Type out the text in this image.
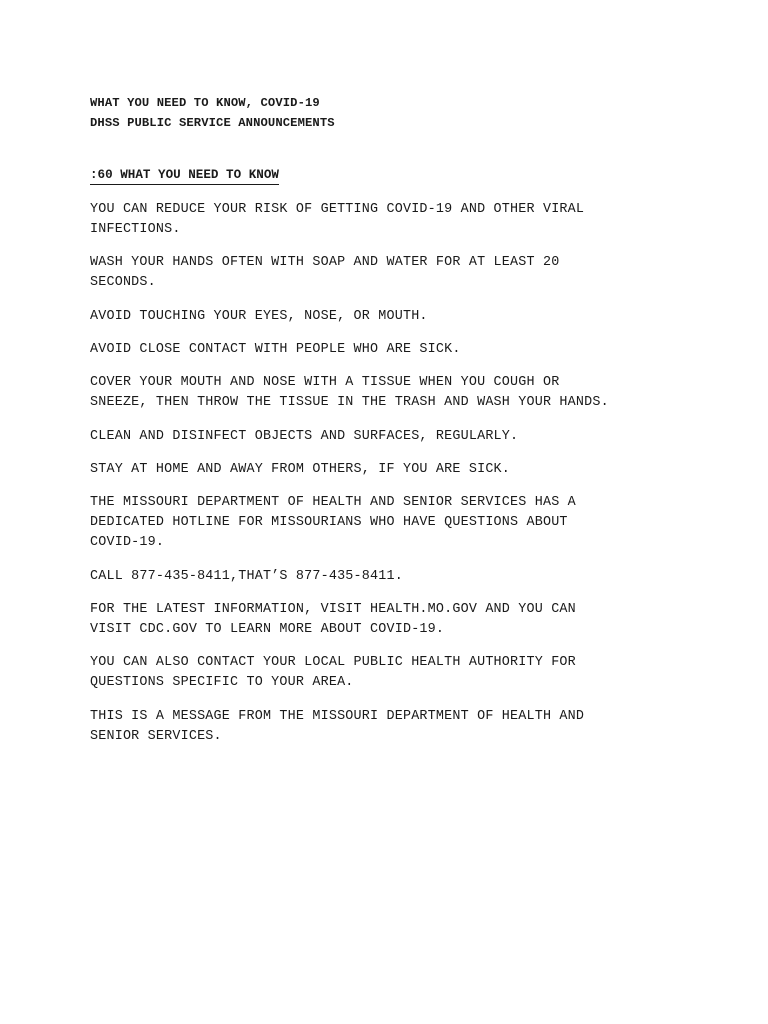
WHAT YOU NEED TO KNOW, COVID-19
DHSS PUBLIC SERVICE ANNOUNCEMENTS
:60 WHAT YOU NEED TO KNOW
YOU CAN REDUCE YOUR RISK OF GETTING COVID-19 AND OTHER VIRAL
INFECTIONS.
WASH YOUR HANDS OFTEN WITH SOAP AND WATER FOR AT LEAST 20
SECONDS.
AVOID TOUCHING YOUR EYES, NOSE, OR MOUTH.
AVOID CLOSE CONTACT WITH PEOPLE WHO ARE SICK.
COVER YOUR MOUTH AND NOSE WITH A TISSUE WHEN YOU COUGH OR
SNEEZE, THEN THROW THE TISSUE IN THE TRASH AND WASH YOUR HANDS.
CLEAN AND DISINFECT OBJECTS AND SURFACES, REGULARLY.
STAY AT HOME AND AWAY FROM OTHERS, IF YOU ARE SICK.
THE MISSOURI DEPARTMENT OF HEALTH AND SENIOR SERVICES HAS A
DEDICATED HOTLINE FOR MISSOURIANS WHO HAVE QUESTIONS ABOUT
COVID-19.
CALL 877-435-8411,THAT’S 877-435-8411.
FOR THE LATEST INFORMATION, VISIT HEALTH.MO.GOV AND YOU CAN
VISIT CDC.GOV TO LEARN MORE ABOUT COVID-19.
YOU CAN ALSO CONTACT YOUR LOCAL PUBLIC HEALTH AUTHORITY FOR
QUESTIONS SPECIFIC TO YOUR AREA.
THIS IS A MESSAGE FROM THE MISSOURI DEPARTMENT OF HEALTH AND
SENIOR SERVICES.
